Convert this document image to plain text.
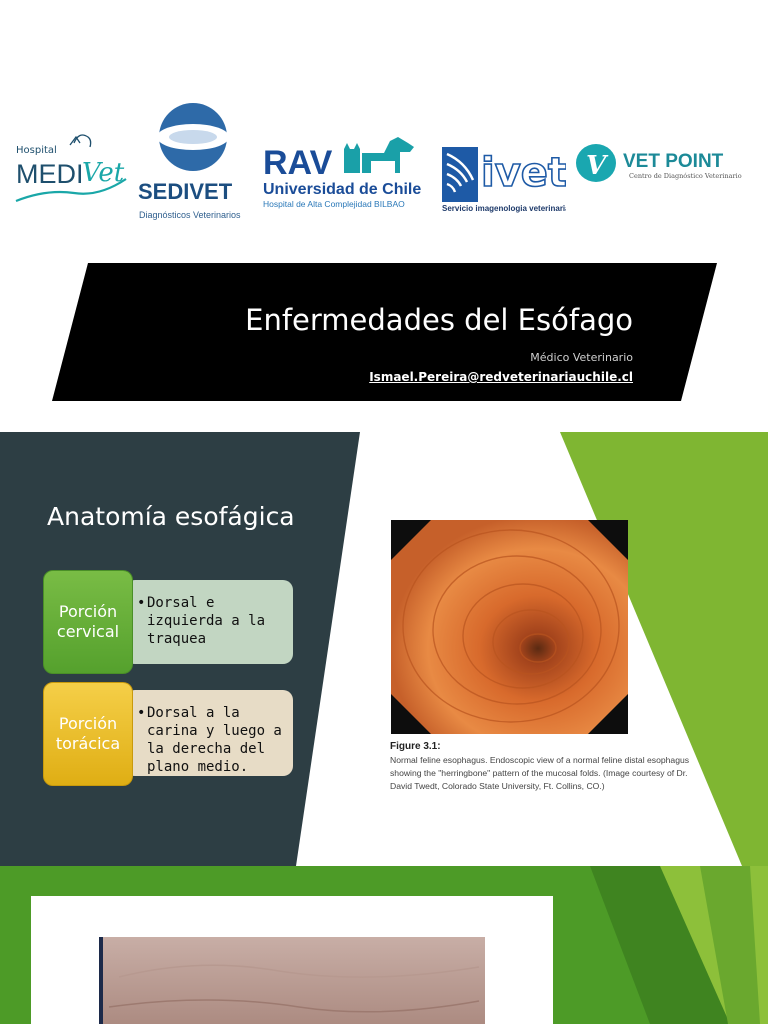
Hospital
MEDI
Vet
SEDIVET
Diagnósticos Veterinarios
RAV
Universidad de Chile
Hospital de Alta Complejidad BILBAO
ivet
Servicio imagenologia veterinaria
V VET POINT
Centro de Diagnóstico Veterinario
Enfermedades del Esófago
Médico Veterinario
Ismael.Pereira@redveterinariauchile.cl
Anatomía esofágica
• Dorsal e izquierda a la traquea
Porción cervical
• Dorsal a la carina y luego a la derecha del plano medio.
Porción torácica	Figure 3.1:
Normal feline esophagus. Endoscopic view of a normal feline distal esophagus showing the "herringbone" pattern of the mucosal folds. (Image courtesy of Dr. David Twedt, Colorado State University, Ft. Collins, CO.)
